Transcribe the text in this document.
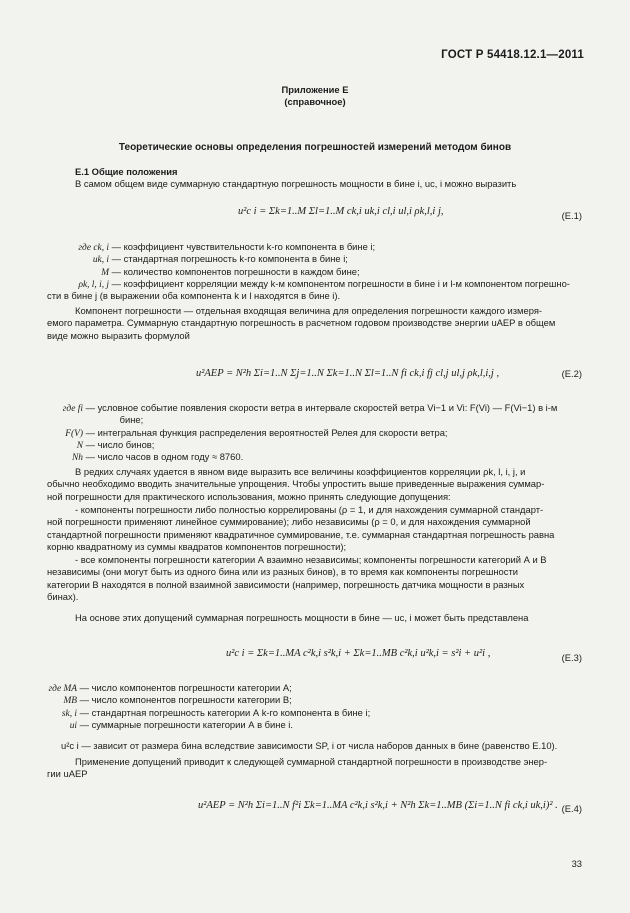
ГОСТ Р 54418.12.1—2011
Приложение Е
(справочное)
Теоретические основы определения погрешностей измерений методом бинов
Е.1 Общие положения
В самом общем виде суммарную стандартную погрешность мощности в бине i, uc, i можно выразить
u²c i = Σk=1..M Σl=1..M ck,i uk,i cl,i ul,i ρk,l,i j,	(Е.1)
где ck, i — коэффициент чувствительности k-го компонента в бине i;
uk, i — стандартная погрешность k-го компонента в бине i;
M — количество компонентов погрешности в каждом бине;
ρk, l, i, j — коэффициент корреляции между k-м компонентом погрешности в бине i и l-м компонентом погрешно-
сти в бине j (в выражении оба компонента k и l находятся в бине i).
Компонент погрешности — отдельная входящая величина для определения погрешности каждого измеря-
емого параметра. Суммарную стандартную погрешность в расчетном годовом производстве энергии uAEP в общем
виде можно выразить формулой
u²AEP = N²h Σi=1..N Σj=1..N Σk=1..N Σl=1..N fi ck,i fj cl,j ul,j ρk,l,i,j ,	(Е.2)
где fi — условное событие появления скорости ветра в интервале скоростей ветра Vi−1 и Vi: F(Vi) — F(Vi−1) в i-м
бине;
F(V) — интегральная функция распределения вероятностей Релея для скорости ветра;
N — число бинов;
Nh — число часов в одном году ≈ 8760.
В редких случаях удается в явном виде выразить все величины коэффициентов корреляции ρk, l, i, j, и
обычно необходимо вводить значительные упрощения. Чтобы упростить выше приведенные выражения суммар-
ной погрешности для практического использования, можно принять следующие допущения:
- компоненты погрешности либо полностью коррелированы (ρ = 1, и для нахождения суммарной стандарт-
ной погрешности применяют линейное суммирование); либо независимы (ρ = 0, и для нахождения суммарной
стандартной погрешности применяют квадратичное суммирование, т.е. суммарная стандартная погрешность равна
корню квадратному из суммы квадратов компонентов погрешности);
- все компоненты погрешности категории А взаимно независимы; компоненты погрешности категорий А и В
независимы (они могут быть из одного бина или из разных бинов), в то время как компоненты погрешности
категории В находятся в полной взаимной зависимости (например, погрешность датчика мощности в разных
бинах).
На основе этих допущений суммарная погрешность мощности в бине — uc, i может быть представлена
u²c i = Σk=1..MA c²k,i s²k,i + Σk=1..MB c²k,i u²k,i = s²i + u²i ,	(Е.3)
где MA — число компонентов погрешности категории А;
MB — число компонентов погрешности категории В;
sk, i — стандартная погрешность категории А k-го компонента в бине i;
ui — суммарные погрешности категории А в бине i.
u²c i — зависит от размера бина вследствие зависимости SP, i от числа наборов данных в бине (равенство Е.10).
Применение допущений приводит к следующей суммарной стандартной погрешности в производстве энер-
гии uAEP
u²AEP = N²h Σi=1..N f²i Σk=1..MA c²k,i s²k,i + N²h Σk=1..MB (Σi=1..N fi ck,i uk,i)² . (Е.4)
33
